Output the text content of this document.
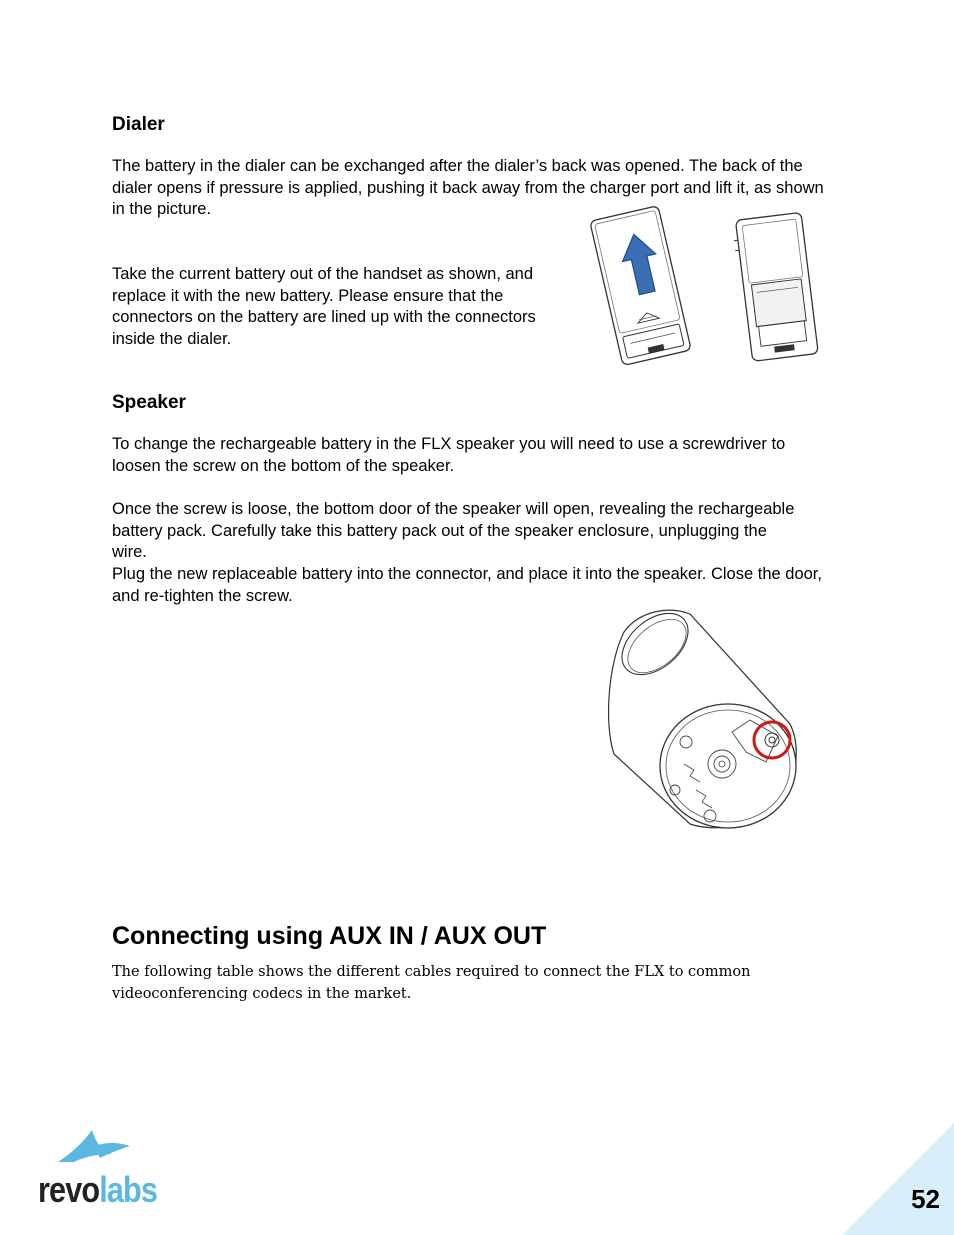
Dialer
The battery in the dialer can be exchanged after the dialer’s back was opened. The back of the dialer opens if pressure is applied, pushing it back away from the charger port and lift it, as shown in the picture.
Take the current battery out of the handset as shown, and replace it with the new battery. Please ensure that the connectors on the battery are lined up with the connectors inside the dialer.
Speaker
To change the rechargeable battery in the FLX speaker you will need to use a screwdriver to loosen the screw on the bottom of the speaker.
Once the screw is loose, the bottom door of the speaker will open, revealing the rechargeable battery pack. Carefully take this battery pack out of the speaker enclosure, unplugging the wire.
Plug the new replaceable battery into the connector, and place it into the speaker. Close the door, and re-tighten the screw.
Connecting using AUX IN / AUX OUT
The following table shows the different cables required to connect the FLX to common videoconferencing codecs in the market.
revolabs	52
